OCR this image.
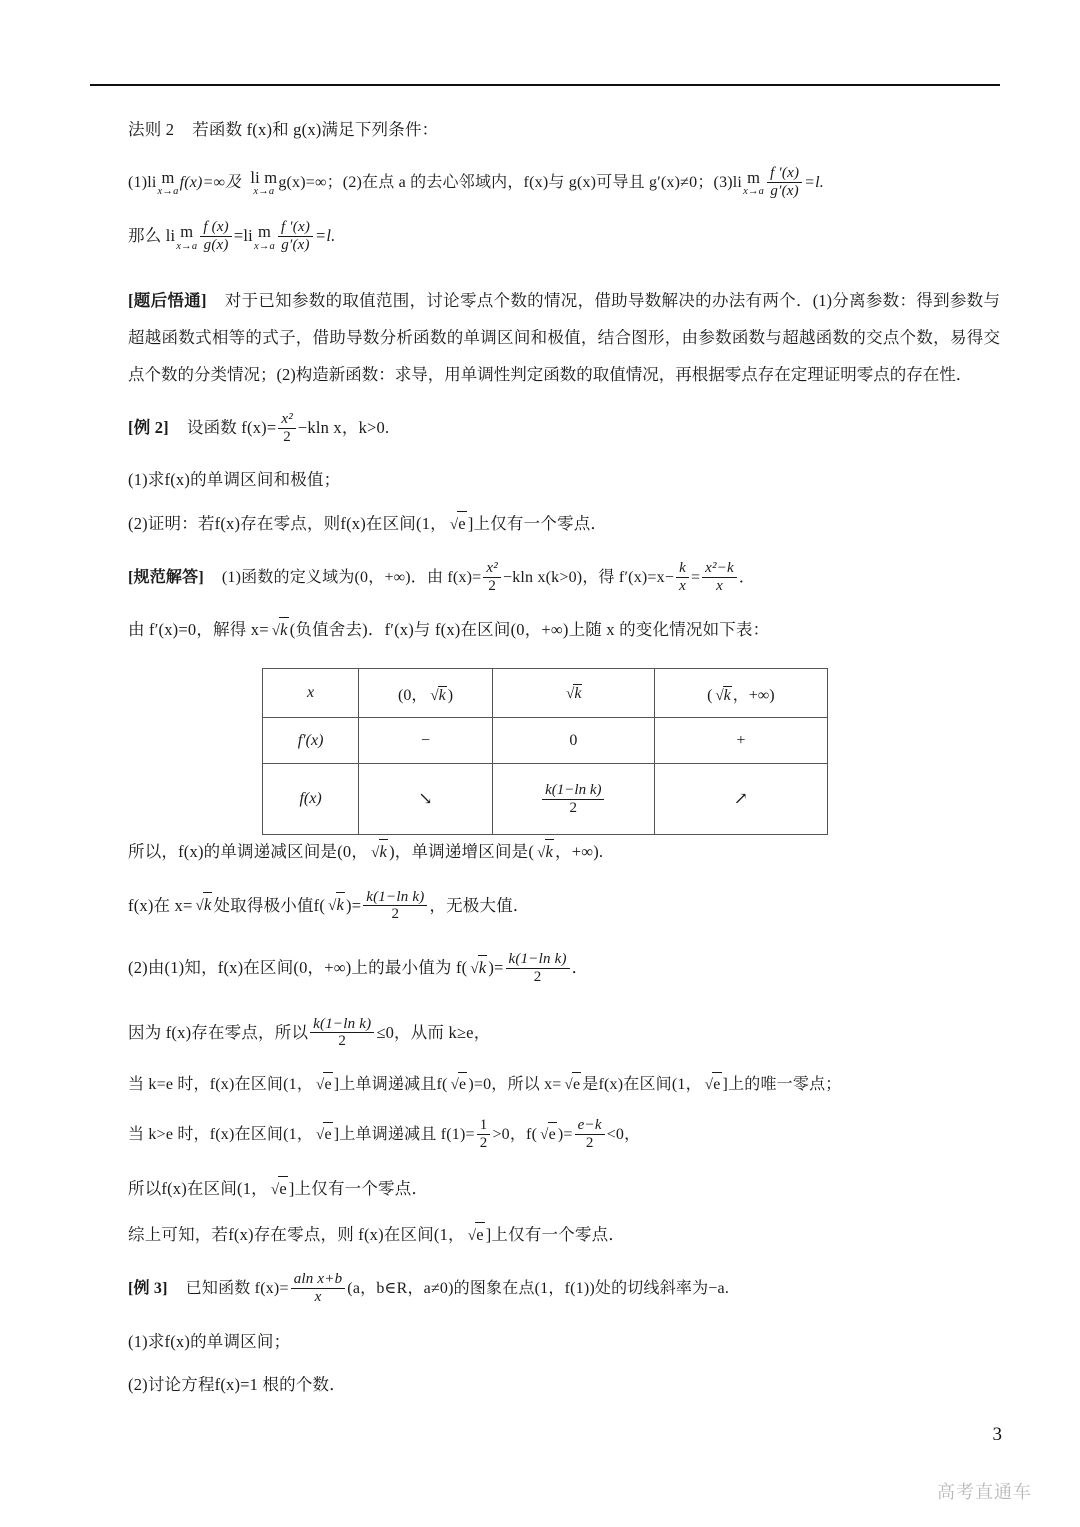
法则 2 若函数 f(x)和 g(x)满足下列条件：
(1)li m
x→a
f(x)=∞及 li m
x→a
g(x)=∞；(2)在点 a 的去心邻域内，f(x)与 g(x)可导且 g′(x)≠0；(3)li m
$x\to a \frac{f '(x)}{g'(x)} =l$.
那么 li m
$x\to a \frac{f (x)}{g(x)} =li$ m
$x\to a \frac{f '(x)}{g'(x)} =l$.
[题后悟通] 对于已知参数的取值范围，讨论零点个数的情况，借助导数解决的办法有两个．(1)分离参数：得到参数与超越函数式相等的式子，借助导数分析函数的单调区间和极值，结合图形，由参数函数与超越函数的交点个数，易得交点个数的分类情况；(2)构造新函数：求导，用单调性判定函数的取值情况，再根据零点存在定理证明零点的存在性．
[例 2] 设函数 $f(x)= \frac{\text{x²}}{2} -kln$ x，k>0.
(1)求f(x)的单调区间和极值；
(2)证明：若f(x)存在零点，则f(x)在区间(1， √e ]上仅有一个零点．
[规范解答] (1)函数的定义域为(0，+∞)．由 $f(x)= \frac{\text{x²}}{2} -kln$ x(k>0)，得 $f'(x)=x- \frac{k}{x} = \frac{\text{x²−k}}{x}$ ．
由 f′(x)=0，解得 x= √k (负值舍去)．f′(x)与 f(x)在区间(0，+∞)上随 x 的变化情况如下表：
所以，f(x)的单调递减区间是(0， √k )，单调递增区间是( √k ，+∞).
f(x)在 x= √k 处取得极小值f( √k )= $\frac{\text{k(1−ln k)}}{2}$ ，无极大值．
(2)由(1)知，f(x)在区间(0，+∞)上的最小值为 f( √k )= $\frac{\text{k(1−ln k)}}{2}$ ．
因为 f(x)存在零点，所以 $\frac{\text{k(1−ln k)}}{2} \le 0$，从而 k≥e，
当 k=e 时，f(x)在区间(1， √e ]上单调递减且f( √e )=0，所以 x= √e 是f(x)在区间(1， √e ]上的唯一零点；
当 k>e 时，f(x)在区间(1， √e ]上单调递减且 $f(1)= \frac{1}{2} >0$，f( √e )= $\frac{e-k}{2} <0$，
所以f(x)在区间(1， √e ]上仅有一个零点．
综上可知，若f(x)存在零点，则 f(x)在区间(1， √e ]上仅有一个零点．
[例 3] 已知函数 $f(x)= \frac{\text{aln x+b}}{x} (a$，b∈R，a≠0)的图象在点(1，f(1))处的切线斜率为−a.
(1)求f(x)的单调区间；
(2)讨论方程f(x)=1 根的个数．
x	(0， √k )	√k	( √k ，+∞)
f′(x)	−	0	+
f(x)	↘	$\frac{\text{k(1−ln k)}}{2}$	↗
3
高考直通车
